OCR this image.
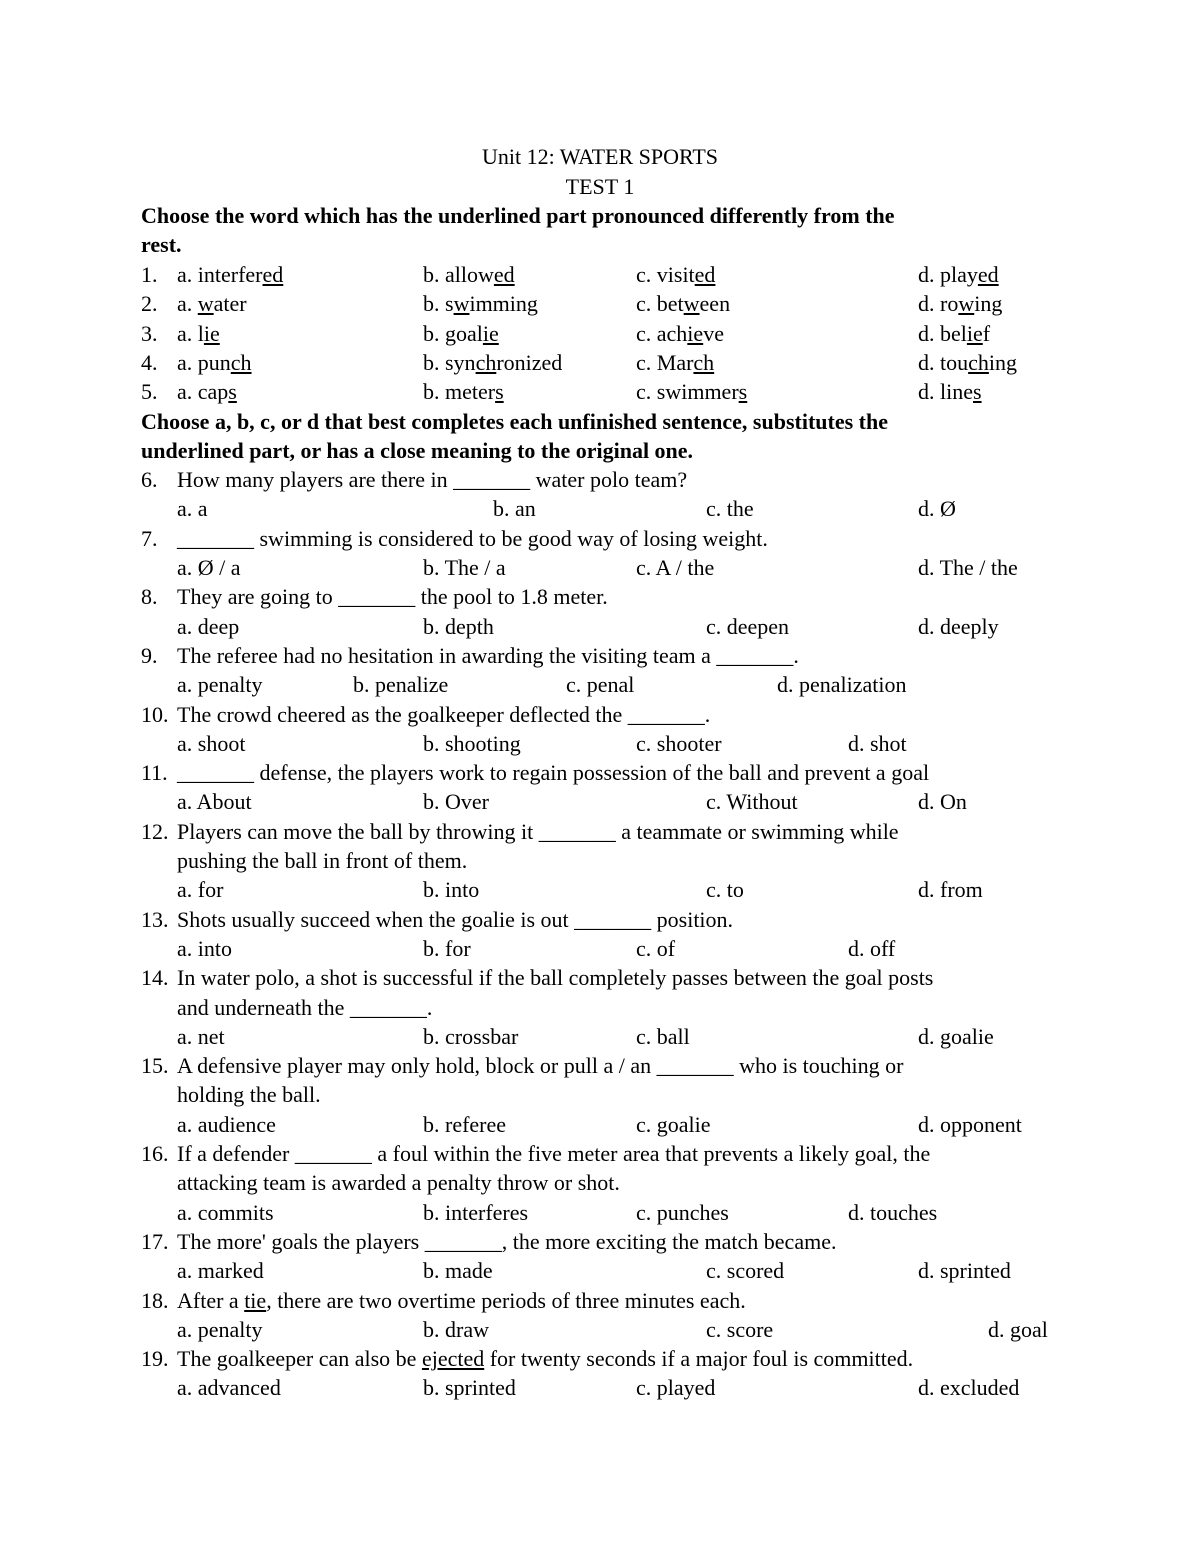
Unit 12: WATER SPORTS
TEST 1
Choose the word which has the underlined part pronounced differently from the
rest.
1. a. interfered	b. allowed	c. visited	d. played
2. a. water	b. swimming	c. between	d. rowing
3. a. lie	b. goalie	c. achieve	d. belief
4. a. punch	b. synchronized	c. March	d. touching
5. a. caps	b. meters	c. swimmers	d. lines
Choose a, b, c, or d that best completes each unfinished sentence, substitutes the
underlined part, or has a close meaning to the original one.
6. How many players are there in _______ water polo team?
a. a	b. an	c. the	d. Ø
7. _______ swimming is considered to be good way of losing weight.
a. Ø / a	b. The / a	c. A / the	d. The / the
8. They are going to _______ the pool to 1.8 meter.
a. deep	b. depth	c. deepen	d. deeply
9. The referee had no hesitation in awarding the visiting team a _______.
a. penalty	b. penalize	c. penal	d. penalization
10. The crowd cheered as the goalkeeper deflected the _______.
a. shoot	b. shooting	c. shooter	d. shot
11. _______ defense, the players work to regain possession of the ball and prevent a goal
a. About	b. Over	c. Without	d. On
12. Players can move the ball by throwing it _______ a teammate or swimming while
pushing the ball in front of them.
a. for	b. into	c. to	d. from
13. Shots usually succeed when the goalie is out _______ position.
a. into	b. for	c. of	d. off
14. In water polo, a shot is successful if the ball completely passes between the goal posts
and underneath the _______.
a. net	b. crossbar	c. ball	d. goalie
15. A defensive player may only hold, block or pull a / an _______ who is touching or
holding the ball.
a. audience	b. referee	c. goalie	d. opponent
16. If a defender _______ a foul within the five meter area that prevents a likely goal, the
attacking team is awarded a penalty throw or shot.
a. commits	b. interferes	c. punches	d. touches
17. The more' goals the players _______, the more exciting the match became.
a. marked	b. made	c. scored	d. sprinted
18. After a tie, there are two overtime periods of three minutes each.
a. penalty	b. draw	c. score	d. goal
19. The goalkeeper can also be ejected for twenty seconds if a major foul is committed.
a. advanced	b. sprinted	c. played	d. excluded
